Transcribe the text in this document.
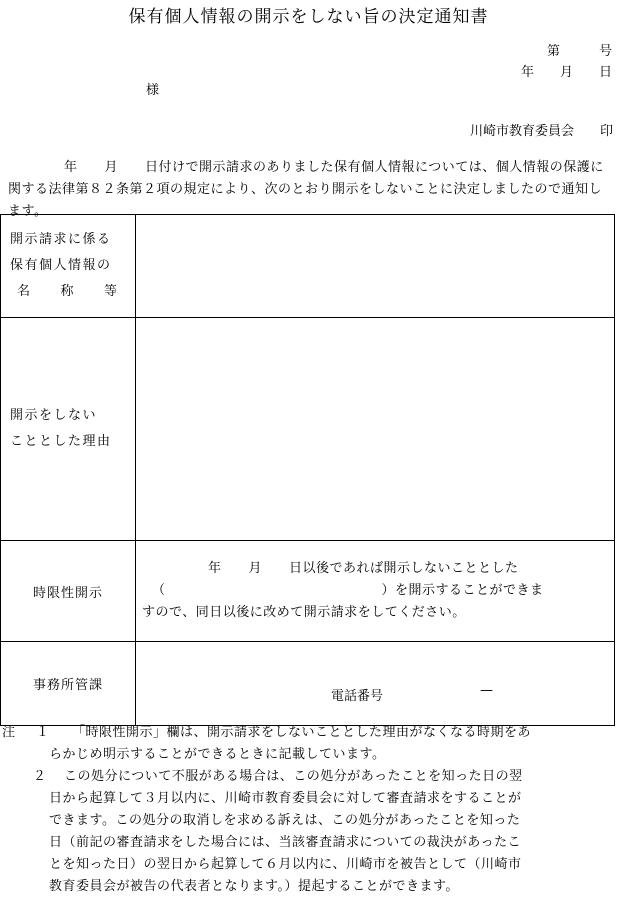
保有個人情報の開示をしない旨の決定通知書
第　　　号
年　　月　　日
様
川崎市教育委員会　　印
年　　月　　日付けで開示請求のありました保有個人情報については、個人情報の保護に関する法律第８２条第２項の規定により、次のとおり開示をしないことに決定しましたので通知します。
開示請求に係る
保有個人情報の
名　　称　　等	

開示をしない
こととした理由	

時限性開示	年　　月　　日以後であれば開示しないこととした
（　　　　　　　　　　　　　　　　）を開示することができま
すので、同日以後に改めて開示請求をしてください。

事務所管課	電話番号 —
注 １ 「時限性開示」欄は、開示請求をしないこととした理由がなくなる時期をあ
らかじめ明示することができるときに記載しています。
２ この処分について不服がある場合は、この処分があったことを知った日の翌
日から起算して３月以内に、川崎市教育委員会に対して審査請求をすることが
できます。この処分の取消しを求める訴えは、この処分があったことを知った
日（前記の審査請求をした場合には、当該審査請求についての裁決があったこ
とを知った日）の翌日から起算して６月以内に、川崎市を被告として（川崎市
教育委員会が被告の代表者となります。）提起することができます。
